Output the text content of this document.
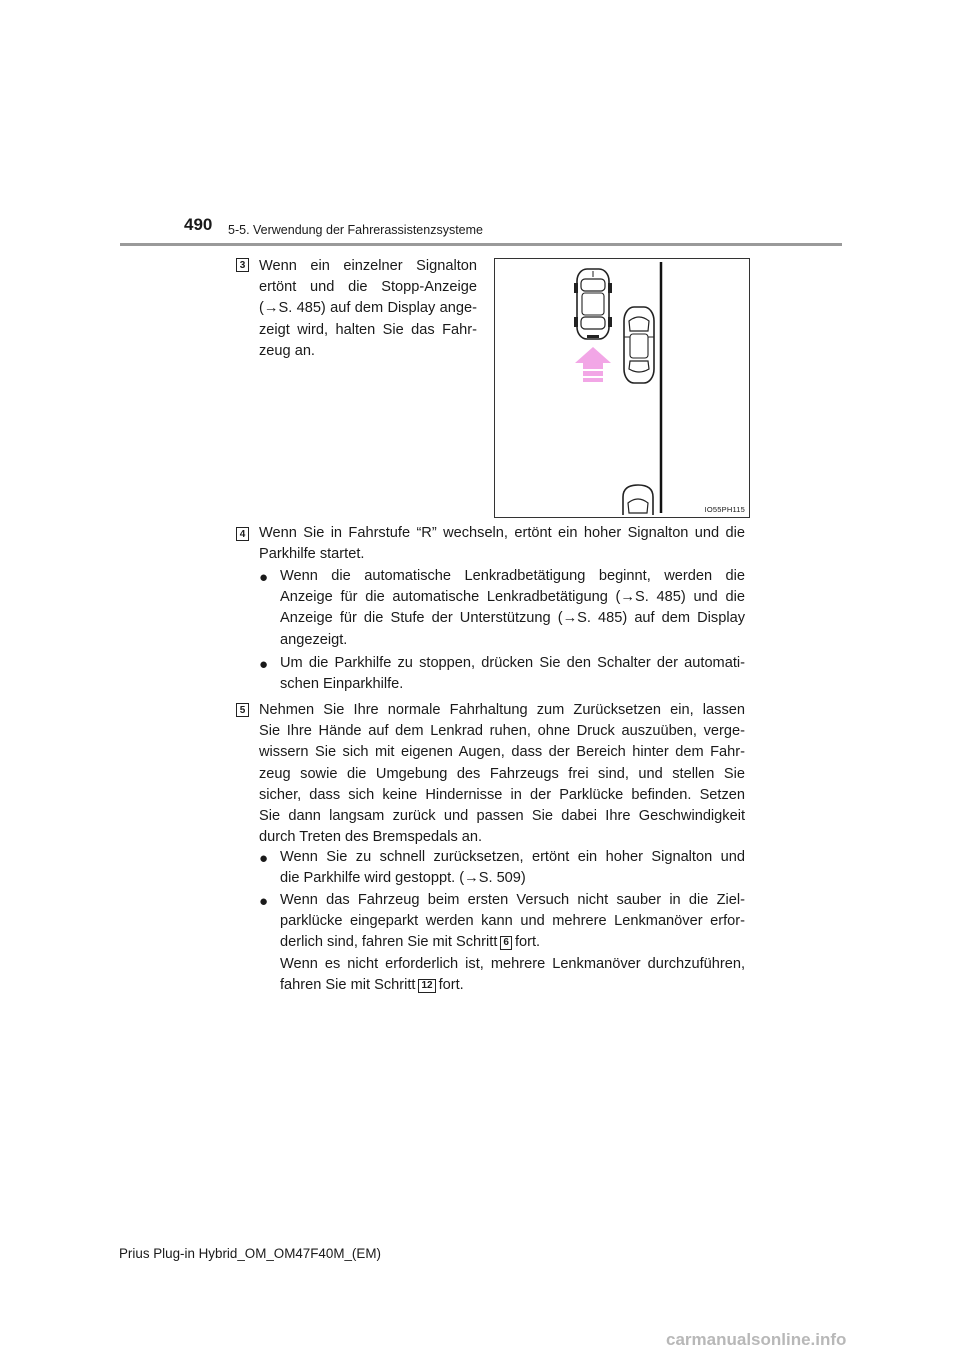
490 5-5. Verwendung der Fahrerassistenzsysteme
3 Wenn ein einzelner Signalton
ertönt und die Stopp-Anzeige
(→S. 485) auf dem Display ange-
zeigt wird, halten Sie das Fahr-
zeug an.
IO55PH115
4 Wenn Sie in Fahrstufe “R” wechseln, ertönt ein hoher Signalton und die
Parkhilfe startet.
● Wenn die automatische Lenkradbetätigung beginnt, werden die
Anzeige für die automatische Lenkradbetätigung (→S. 485) und die
Anzeige für die Stufe der Unterstützung (→S. 485) auf dem Display
angezeigt.
● Um die Parkhilfe zu stoppen, drücken Sie den Schalter der automati-
schen Einparkhilfe.
5 Nehmen Sie Ihre normale Fahrhaltung zum Zurücksetzen ein, lassen
Sie Ihre Hände auf dem Lenkrad ruhen, ohne Druck auszuüben, verge-
wissern Sie sich mit eigenen Augen, dass der Bereich hinter dem Fahr-
zeug sowie die Umgebung des Fahrzeugs frei sind, und stellen Sie
sicher, dass sich keine Hindernisse in der Parklücke befinden. Setzen
Sie dann langsam zurück und passen Sie dabei Ihre Geschwindigkeit
durch Treten des Bremspedals an.
● Wenn Sie zu schnell zurücksetzen, ertönt ein hoher Signalton und
die Parkhilfe wird gestoppt. (→S. 509)
● Wenn das Fahrzeug beim ersten Versuch nicht sauber in die Ziel-
parklücke eingeparkt werden kann und mehrere Lenkmanöver erfor-
derlich sind, fahren Sie mit Schritt 6 fort.
Wenn es nicht erforderlich ist, mehrere Lenkmanöver durchzuführen,
fahren Sie mit Schritt 12 fort.
Prius Plug-in Hybrid_OM_OM47F40M_(EM)
carmanualsonline.info
